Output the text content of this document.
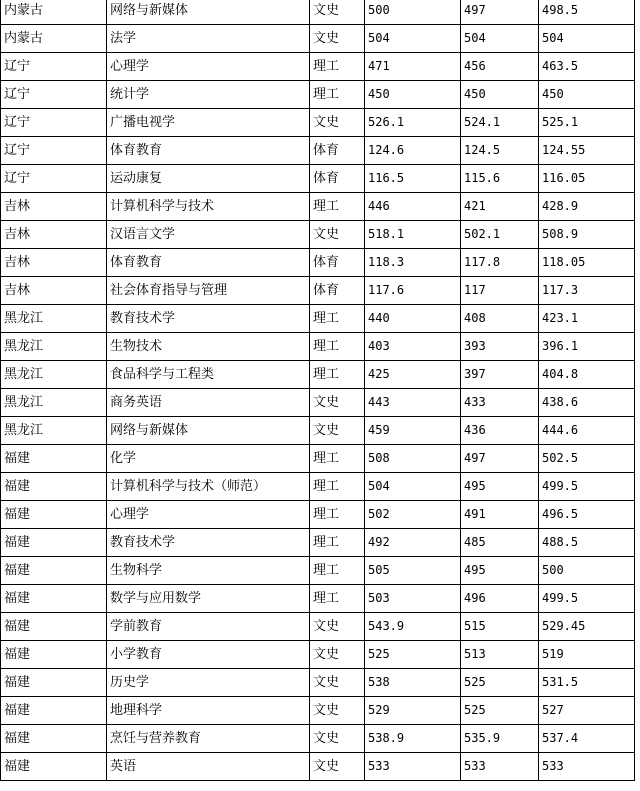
内蒙古	网络与新媒体	文史	500	497	498.5
内蒙古	法学	文史	504	504	504
辽宁	心理学	理工	471	456	463.5
辽宁	统计学	理工	450	450	450
辽宁	广播电视学	文史	526.1	524.1	525.1
辽宁	体育教育	体育	124.6	124.5	124.55
辽宁	运动康复	体育	116.5	115.6	116.05
吉林	计算机科学与技术	理工	446	421	428.9
吉林	汉语言文学	文史	518.1	502.1	508.9
吉林	体育教育	体育	118.3	117.8	118.05
吉林	社会体育指导与管理	体育	117.6	117	117.3
黑龙江	教育技术学	理工	440	408	423.1
黑龙江	生物技术	理工	403	393	396.1
黑龙江	食品科学与工程类	理工	425	397	404.8
黑龙江	商务英语	文史	443	433	438.6
黑龙江	网络与新媒体	文史	459	436	444.6
福建	化学	理工	508	497	502.5
福建	计算机科学与技术（师范）	理工	504	495	499.5
福建	心理学	理工	502	491	496.5
福建	教育技术学	理工	492	485	488.5
福建	生物科学	理工	505	495	500
福建	数学与应用数学	理工	503	496	499.5
福建	学前教育	文史	543.9	515	529.45
福建	小学教育	文史	525	513	519
福建	历史学	文史	538	525	531.5
福建	地理科学	文史	529	525	527
福建	烹饪与营养教育	文史	538.9	535.9	537.4
福建	英语	文史	533	533	533
